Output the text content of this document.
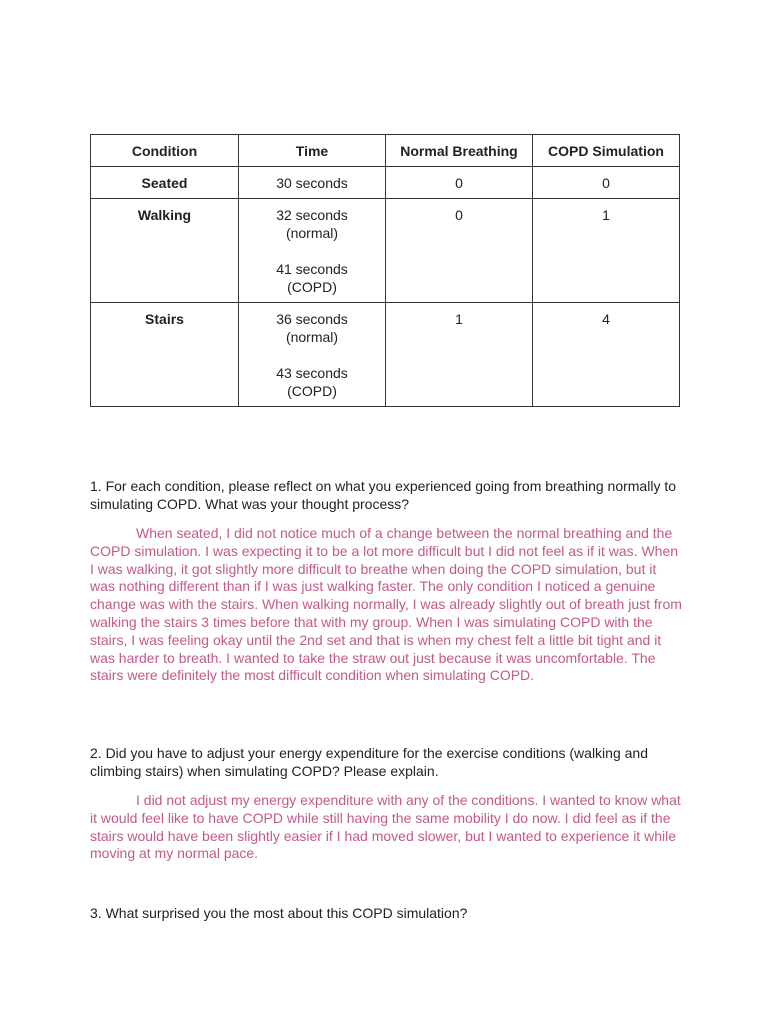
Condition	Time	Normal Breathing	COPD Simulation
Seated	30 seconds	0	0
Walking	32 seconds
(normal)
41 seconds
(COPD)	0	1
Stairs	36 seconds
(normal)
43 seconds
(COPD)	1	4

1. For each condition, please reflect on what you experienced going from breathing normally to simulating COPD. What was your thought process?

When seated, I did not notice much of a change between the normal breathing and the COPD simulation. I was expecting it to be a lot more difficult but I did not feel as if it was. When I was walking, it got slightly more difficult to breathe when doing the COPD simulation, but it was nothing different than if I was just walking faster. The only condition I noticed a genuine change was with the stairs. When walking normally, I was already slightly out of breath just from walking the stairs 3 times before that with my group. When I was simulating COPD with the stairs, I was feeling okay until the 2nd set and that is when my chest felt a little bit tight and it was harder to breath. I wanted to take the straw out just because it was uncomfortable. The stairs were definitely the most difficult condition when simulating COPD.

2. Did you have to adjust your energy expenditure for the exercise conditions (walking and climbing stairs) when simulating COPD? Please explain.

I did not adjust my energy expenditure with any of the conditions. I wanted to know what it would feel like to have COPD while still having the same mobility I do now. I did feel as if the stairs would have been slightly easier if I had moved slower, but I wanted to experience it while moving at my normal pace.

3. What surprised you the most about this COPD simulation?
